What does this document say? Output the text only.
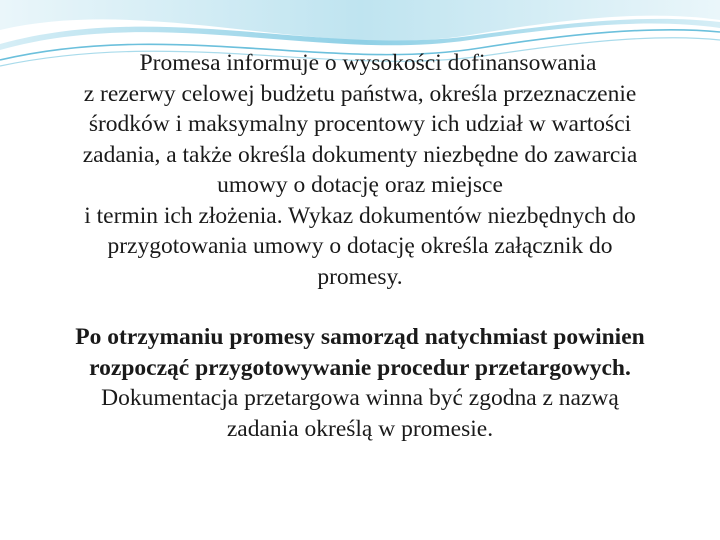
Promesa informuje o wysokości dofinansowania
z rezerwy celowej budżetu państwa, określa przeznaczenie
środków i maksymalny procentowy ich udział w wartości
zadania, a także określa dokumenty niezbędne do zawarcia
umowy o dotację oraz miejsce
i termin ich złożenia. Wykaz dokumentów niezbędnych do
przygotowania umowy o dotację określa załącznik do
promesy.

Po otrzymaniu promesy samorząd natychmiast powinien
rozpocząć przygotowywanie procedur przetargowych.
Dokumentacja przetargowa winna być zgodna z nazwą
zadania określą w promesie.
